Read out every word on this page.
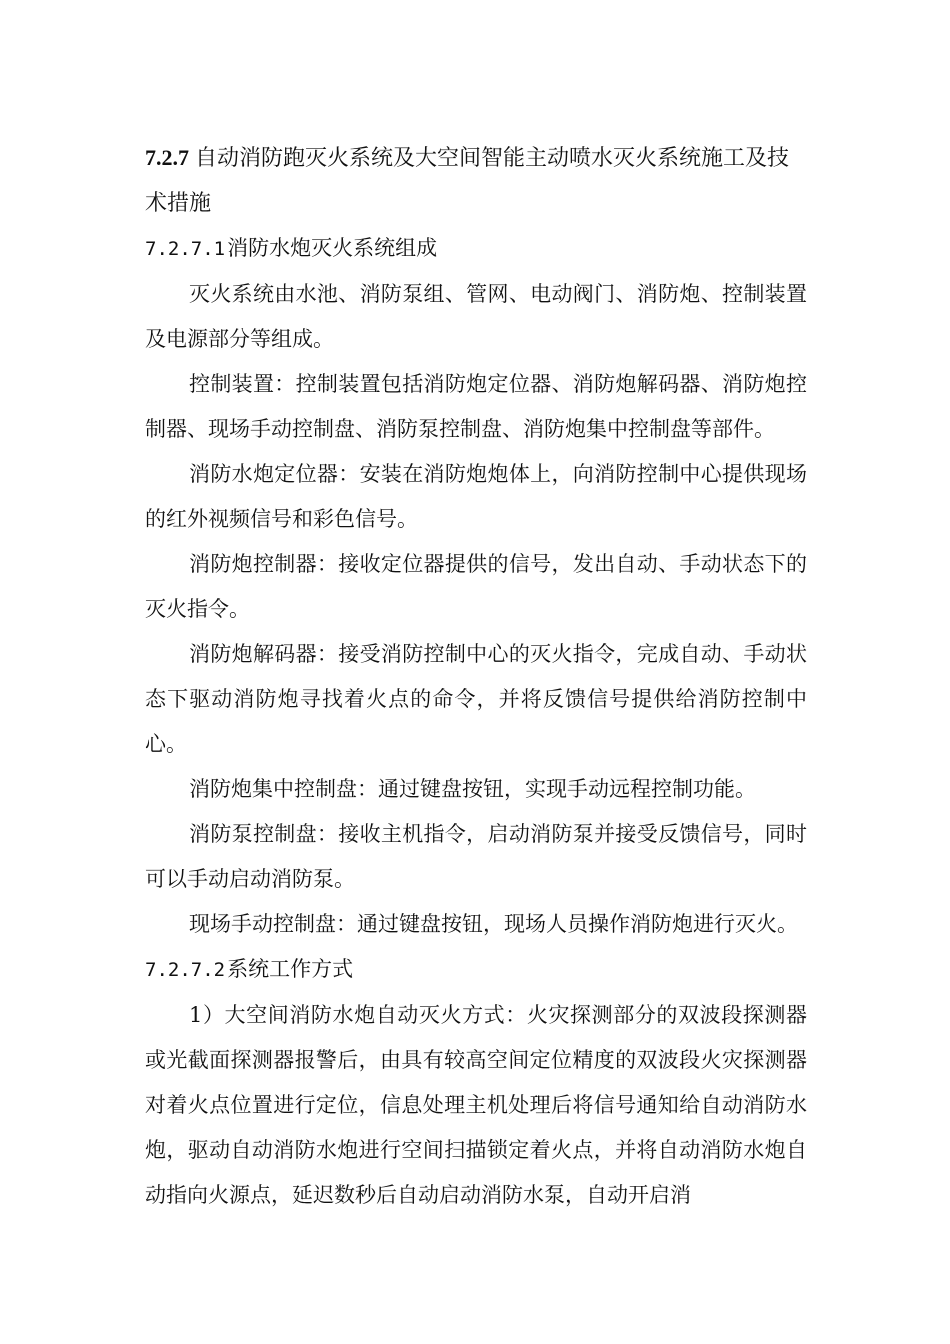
7.2.7 自动消防跑灭火系统及大空间智能主动喷水灭火系统施工及技术措施

7.2.7.1消防水炮灭火系统组成

灭火系统由水池、消防泵组、管网、电动阀门、消防炮、控制装置及电源部分等组成。

控制装置：控制装置包括消防炮定位器、消防炮解码器、消防炮控制器、现场手动控制盘、消防泵控制盘、消防炮集中控制盘等部件。

消防水炮定位器：安装在消防炮炮体上，向消防控制中心提供现场的红外视频信号和彩色信号。

消防炮控制器：接收定位器提供的信号，发出自动、手动状态下的灭火指令。

消防炮解码器：接受消防控制中心的灭火指令，完成自动、手动状态下驱动消防炮寻找着火点的命令，并将反馈信号提供给消防控制中心。

消防炮集中控制盘：通过键盘按钮，实现手动远程控制功能。

消防泵控制盘：接收主机指令，启动消防泵并接受反馈信号，同时可以手动启动消防泵。

现场手动控制盘：通过键盘按钮，现场人员操作消防炮进行灭火。

7.2.7.2系统工作方式

1）大空间消防水炮自动灭火方式：火灾探测部分的双波段探测器或光截面探测器报警后，由具有较高空间定位精度的双波段火灾探测器对着火点位置进行定位，信息处理主机处理后将信号通知给自动消防水炮，驱动自动消防水炮进行空间扫描锁定着火点，并将自动消防水炮自动指向火源点，延迟数秒后自动启动消防水泵，自动开启消
